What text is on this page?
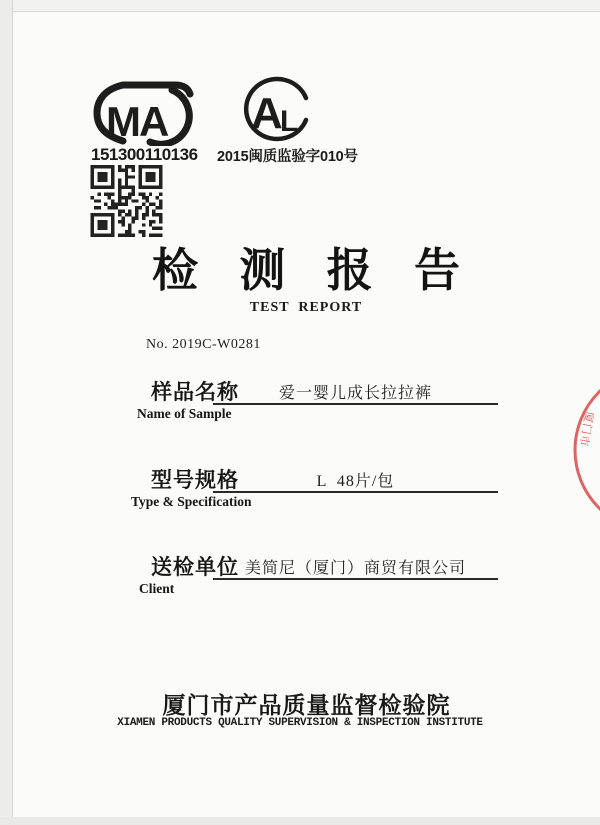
MA
151300110136
A
L
2015闽质监验字010号
检 测 报 告
TEST  REPORT
No. 2019C-W0281
样品名称	爱一婴儿成长拉拉裤
Name of Sample
型号规格	L  48片/包
Type & Specification
送检单位 美简尼（厦门）商贸有限公司
Client
厦门市产品质量监督检验院
XIAMEN PRODUCTS QUALITY SUPERVISION & INSPECTION INSTITUTE
厦门市
